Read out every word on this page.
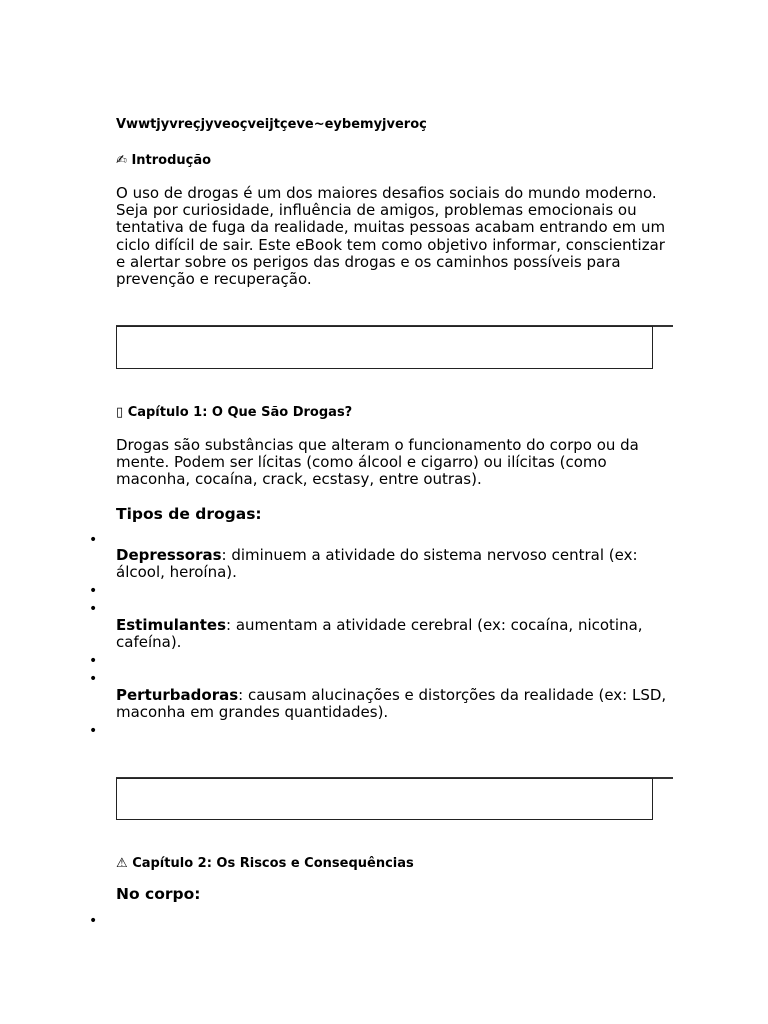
Vwwtjyvreçjyveoçveijtçeve~eybemyjveroç
✍ Introdução
O uso de drogas é um dos maiores desafios sociais do mundo moderno. Seja por curiosidade, influência de amigos, problemas emocionais ou tentativa de fuga da realidade, muitas pessoas acabam entrando em um ciclo difícil de sair. Este eBook tem como objetivo informar, conscientizar e alertar sobre os perigos das drogas e os caminhos possíveis para prevenção e recuperação.
▯ Capítulo 1: O Que São Drogas?
Drogas são substâncias que alteram o funcionamento do corpo ou da mente. Podem ser lícitas (como álcool e cigarro) ou ilícitas (como maconha, cocaína, crack, ecstasy, entre outras).
Tipos de drogas:
•
Depressoras: diminuem a atividade do sistema nervoso central (ex: álcool, heroína).
•
•
Estimulantes: aumentam a atividade cerebral (ex: cocaína, nicotina, cafeína).
•
•
Perturbadoras: causam alucinações e distorções da realidade (ex: LSD, maconha em grandes quantidades).
•
⚠ Capítulo 2: Os Riscos e Consequências
No corpo:
•
